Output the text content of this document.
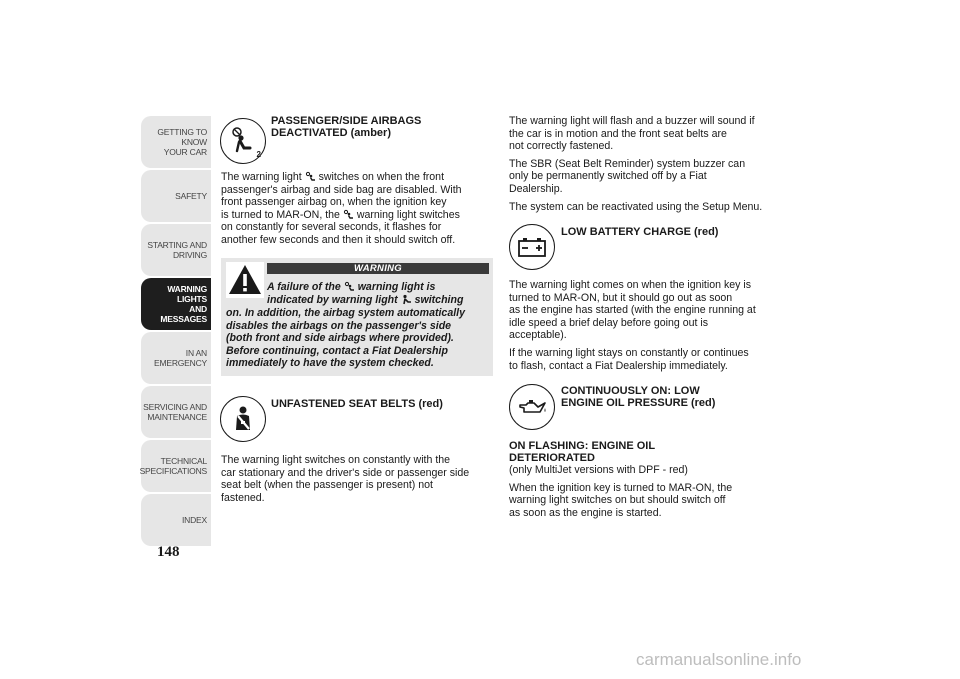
GETTING TO KNOW
YOUR CAR
SAFETY
STARTING AND
DRIVING
WARNING LIGHTS
AND MESSAGES
IN AN EMERGENCY
SERVICING AND
MAINTENANCE
TECHNICAL
SPECIFICATIONS
INDEX
148
2
PASSENGER/SIDE AIRBAGS
DEACTIVATED (amber)
The warning light switches on when the front
passenger's airbag and side bag are disabled. With
front passenger airbag on, when the ignition key
is turned to MAR-ON, the warning light switches
on constantly for several seconds, it flashes for
another few seconds and then it should switch off.
WARNING
A failure of the warning light is
indicated by warning light switching
on. In addition, the airbag system automatically
disables the airbags on the passenger's side
(both front and side airbags where provided).
Before continuing, contact a Fiat Dealership
immediately to have the system checked.
UNFASTENED SEAT BELTS (red)
The warning light switches on constantly with the
car stationary and the driver's side or passenger side
seat belt (when the passenger is present) not
fastened.
The warning light will flash and a buzzer will sound if
the car is in motion and the front seat belts are
not correctly fastened.
The SBR (Seat Belt Reminder) system buzzer can
only be permanently switched off by a Fiat
Dealership.
The system can be reactivated using the Setup Menu.
LOW BATTERY CHARGE (red)
The warning light comes on when the ignition key is
turned to MAR-ON, but it should go out as soon
as the engine has started (with the engine running at
idle speed a brief delay before going out is
acceptable).
If the warning light stays on constantly or continues
to flash, contact a Fiat Dealership immediately.
CONTINUOUSLY ON: LOW
ENGINE OIL PRESSURE (red)
ON FLASHING: ENGINE OIL
DETERIORATED
(only MultiJet versions with DPF - red)
When the ignition key is turned to MAR-ON, the
warning light switches on but should switch off
as soon as the engine is started.
carmanualsonline.info
